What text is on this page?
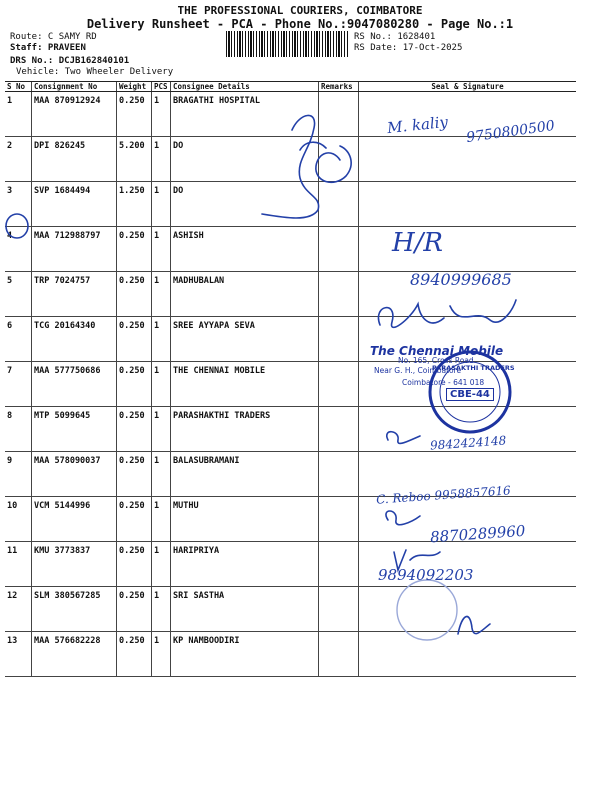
THE PROFESSIONAL COURIERS, COIMBATORE
Delivery Runsheet - PCA - Phone No.:9047080280 - Page No.:1
Route: C SAMY RD
Staff: PRAVEEN
DRS No.: DCJB162840101
Vehicle: Two Wheeler Delivery
RS No.: 1628401
RS Date: 17-Oct-2025
S No	Consignment No	Weight	PCS	Consignee Details	Remarks	Seal & Signature
1	MAA 870912924	0.250	1	BRAGATHI HOSPITAL		
2	DPI 826245	5.200	1	DO		
3	SVP 1684494	1.250	1	DO		
4	MAA 712988797	0.250	1	ASHISH		
5	TRP 7024757	0.250	1	MADHUBALAN		
6	TCG 20164340	0.250	1	SREE AYYAPA SEVA		
7	MAA 577750686	0.250	1	THE CHENNAI MOBILE		
8	MTP 5099645	0.250	1	PARASHAKTHI TRADERS		
9	MAA 578090037	0.250	1	BALASUBRAMANI		
10	VCM 5144996	0.250	1	MUTHU		
11	KMU 3773837	0.250	1	HARIPRIYA		
12	SLM 380567285	0.250	1	SRI SASTHA		
13	MAA 576682228	0.250	1	KP NAMBOODIRI		
M. kaliy 9750800500
H/R
8940999685
9842424148
C. Reboo 9958857616
8870289960
9894092203
The Chennai Mobile
No. 165, Cross Road
Near G. H., Coimbatore
Coimbatore - 641 018
PARASAKTHI TRADERS
CBE-44
